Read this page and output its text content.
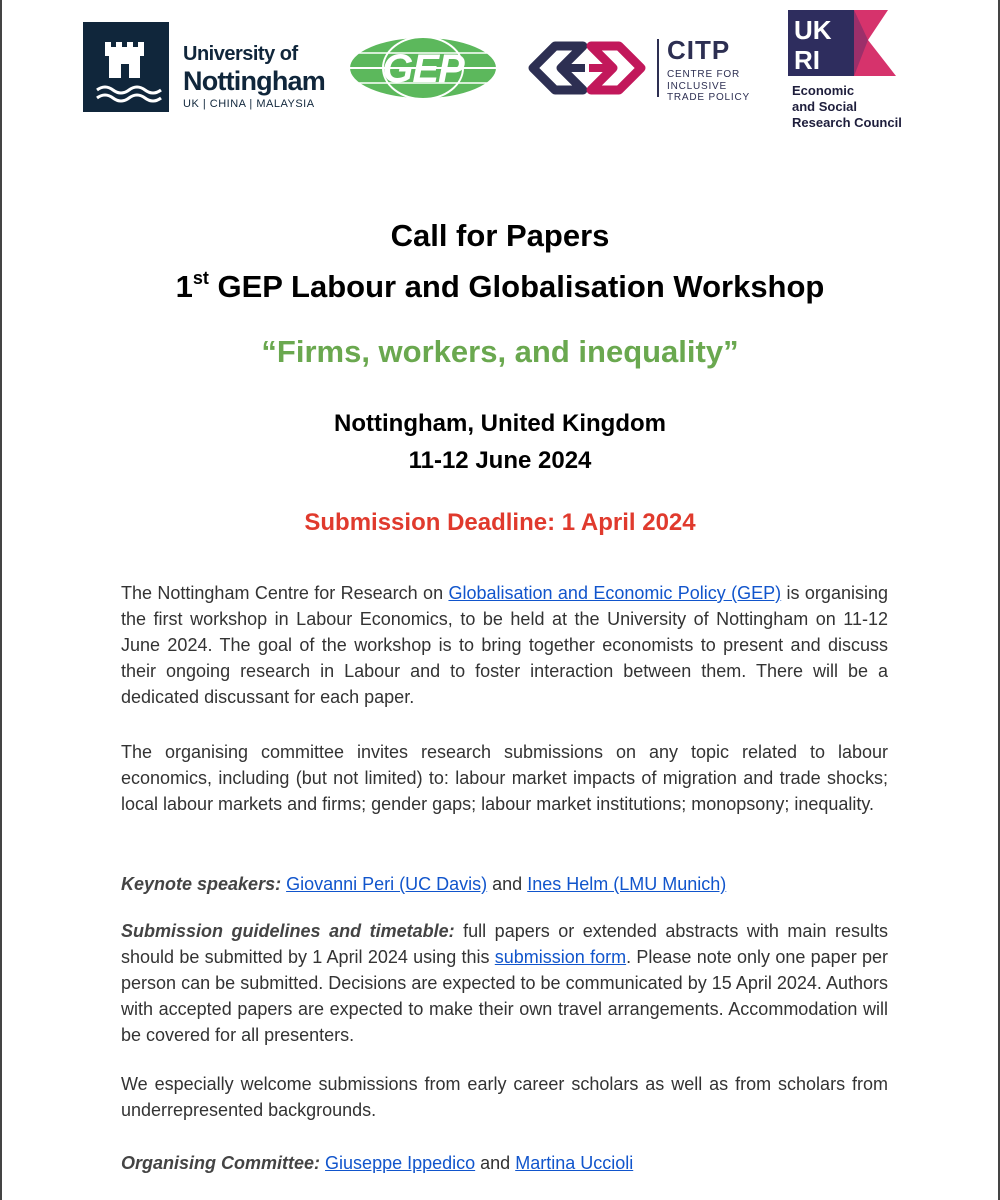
University of
Nottingham
UK | CHINA | MALAYSIA
GEP	CITP
CENTRE FOR
INCLUSIVE
TRADE POLICY
UK
RI
Economic
and Social
Research Council
Call for Papers
1st GEP Labour and Globalisation Workshop
“Firms, workers, and inequality”
Nottingham, United Kingdom
11-12 June 2024
Submission Deadline: 1 April 2024
The Nottingham Centre for Research on Globalisation and Economic Policy (GEP) is organising the first workshop in Labour Economics, to be held at the University of Nottingham on 11-12 June 2024. The goal of the workshop is to bring together economists to present and discuss their ongoing research in Labour and to foster interaction between them. There will be a dedicated discussant for each paper.
The organising committee invites research submissions on any topic related to labour economics, including (but not limited) to: labour market impacts of migration and trade shocks; local labour markets and firms; gender gaps; labour market institutions; monopsony; inequality.
Keynote speakers: Giovanni Peri (UC Davis) and Ines Helm (LMU Munich)
Submission guidelines and timetable: full papers or extended abstracts with main results should be submitted by 1 April 2024 using this submission form. Please note only one paper per person can be submitted. Decisions are expected to be communicated by 15 April 2024. Authors with accepted papers are expected to make their own travel arrangements. Accommodation will be covered for all presenters.
We especially welcome submissions from early career scholars as well as from scholars from underrepresented backgrounds.
Organising Committee: Giuseppe Ippedico and Martina Uccioli
